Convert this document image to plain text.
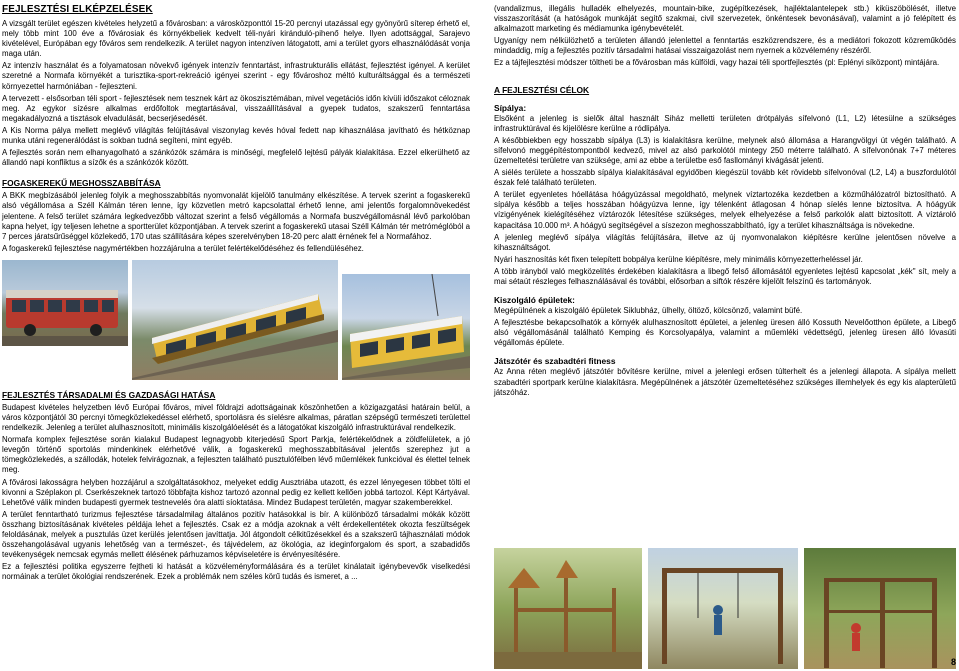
FEJLESZTÉSI ELKÉPZELÉSEK

A vizsgált terület egészen kivételes helyzetű a fővárosban: a városközponttól 15-20 percnyi utazással egy gyönyörű síterep érhető el, mely több mint 100 éve a fővárosiak és környékbeliek kedvelt téli-nyári kiránduló-pihenő helye. Ilyen adottsággal, Sarajevo kivételével, Európában egy főváros sem rendelkezik. A terület nagyon intenzíven látogatott, ami a terület gyors elhasználódását vonja maga után.

Az intenzív használat és a folyamatosan növekvő igények intenzív fenntartást, infrastrukturális ellátást, fejlesztést igényel. A kerület szeretné a Normafa környékét a turisztika-sport-rekreáció igényei szerint - egy fővároshoz méltó kulturáltsággal és a természeti környezettel harmóniában - fejleszteni.

A tervezett - elsősorban téli sport - fejlesztések nem tesznek kárt az ökoszisztémában, mivel vegetációs időn kívüli időszakot céloznak meg. Az egykor sízésre alkalmas erdőfoltok megtartásával, visszaállításával a gyepek tudatos, szakszerű fenntartása megakadályozná a tisztások elvadulását, becserjésedését.

A Kis Norma pálya mellett meglévő világítás felújításával viszonylag kevés hóval fedett nap kihasználása javítható és hétköznap munka utáni regenerálódást is sokban tudná segíteni, mint egyéb.

A fejlesztés során nem elhanyagolható a szánkózók számára is minőségi, megfelelő lejtésű pályák kialakítása. Ezzel elkerülhető az állandó napi konfliktus a sízők és a szánkózók között.

FOGASKEREKŰ MEGHOSSZABBÍTÁSA

A BKK megbízásából jelenleg folyik a meghosszabbítás nyomvonalát kijelölő tanulmány elkészítése. A tervek szerint a fogaskerekű alsó végállomása a Széll Kálmán téren lenne, így közvetlen metró kapcsolattal érhető lenne, ami jelentős forgalomnövekedést jelentene. A felső terület számára legkedvezőbb változat szerint a felső végállomás a Normafa buszvégállomásnál lévő parkolóban kapna helyet, így teljesen lehetne a sportterület központjában. A tervek szerint a fogaskerekű utasai Széll Kálmán tér metróméglóból a 7 perces járatsűrűséggel közlekedő, 170 utas szállítására képes szerelvényben 18-20 perc alatt érnének fel a Normafához.

A fogaskerekű fejlesztése nagymértékben hozzájárulna a terület felértékelődéséhez és fellendüléséhez.

FEJLESZTÉS TÁRSADALMI ÉS GAZDASÁGI HATÁSA

Budapest kivételes helyzetben lévő Európai főváros, mivel földrajzi adottságainak köszönhetően a közigazgatási határain belül, a város központjától 30 percnyi tömegközlekedéssel elérhető, sportolásra és síelésre alkalmas, páratlan szépségű természeti területtel rendelkezik. Jelenleg a terület alulhasznosított, minimális kiszolgálóelését és a látogatókat kiszolgáló infrastruktúrával rendelkezik.

Normafa komplex fejlesztése során kialakul Budapest legnagyobb kiterjedésű Sport Parkja, felértékelődnek a zöldfelületek, a jó levegőn történő sportolás mindenkinek elérhetővé válik, a fogaskerekű meghosszabbításával jelentős szerephez jut a tömegközlekedés, a szállodák, hotelek felvirágoznak, a fejleszten található pusztulófélben lévő műemlékek funkcióval és élettel telnek meg.

A fővárosi lakosságra helyben hozzájárul a szolgáltatásokhoz, melyeket eddig Ausztriába utazott, és ezzel lényegesen többet tölti el kivonni a Széplakon pl. Cserkészeknek tartozó többfajta kishoz tartozó azonnal pedig ez kellett kellően jobbá tartozol. Képt Kártyával. Lehetővé válik minden budapesti gyermek testnevelés óra alatti síoktatása. Mindez Budapest területén, magyar szakemberekkel.

A terület fenntartható turizmus fejlesztése társadalmilag általános pozitív hatásokkal is bír. A különböző társadalmi mókák között összhang biztosításának kivételes példája lehet a fejlesztés. Csak ez a módja azoknak a vélt érdekellentétek okozta feszültségek feloldásának, melyek a pusztulás üzet kerülés jelentősen javíttatja. Jól átgondolt célkitűzésekkel és a szakszerű tájhasználati módok összehangolásával ugyanis lehetőség van a természet-, és tájvédelem, az ökológia, az ideginforgalom és sport, a szabadidős tevékenységek nemcsak egymás mellett élésének párhuzamos képviseletére is érvényesítésére.

Ez a fejlesztési politika egyszerre fejtheti ki hatását a közvéleményformálására és a terület kinálatait igénybevevők viselkedési normáinak a terület ökológiai rendszerének. Ezek a problémák nem széles körű tudás és ismeret, a ...

(vandalizmus, illegális hulladék elhelyezés, mountain-bike, zugépítkezések, hajléktalantelepek stb.) kiküszöbölését, illetve visszaszorítását (a hatóságok munkáját segítő szakmai, civil szervezetek, önkéntesek bevonásával), valamint a jó felépített és alkalmazott marketing és médiamunka igénybevételét.

Ugyanígy nem nélkülözhető a területen állandó jelenlettel a fenntartás eszközrendszere, és a mediátori fokozott közreműködés mindaddig, míg a fejlesztés pozitív társadalmi hatásai visszaigazolást nem nyernek a közvélemény részéről.

Ez a tájfejlesztési módszer töltheti be a fővárosban más külföldi, vagy hazai téli sportfejlesztés (pl: Eplényi síközpont) mintájára.

A FEJLESZTÉSI CÉLOK
Sípálya:

Elsőként a jelenleg is sielők által használt Siház melletti területen drótpályás sífelvonó (L1, L2) létesülne a szükséges infrastruktúrával és kijelölésre kerülne a ródlipálya.

A későbbiekben egy hosszabb sípálya (L3) is kialakításra kerülne, melynek alsó állomása a Harangvölgyi út végén található. A sífelvonó meggépítéstompontból kedvező, mivel az alsó parkolótól mintegy 250 méterre található. A sífelvonónak 7+7 méteres üzemeltetési területre van szüksége, ami az ebbe a területbe eső fasllományi kivágását jelenti.

A siélés területe a hosszabb sípálya kialakításával egyidőben kiegészül tovább két rövidebb sífelvonóval (L2, L4) a buszfordulótól észak felé található területen.

A terület egyenletes hóellátása hóágyúzással megoldható, melynek víztartozéka kezdetben a közműhálózatról biztosítható. A sípálya később a teljes hosszában hóágyúzva lenne, így télenként átlagosan 4 hónap síelés lenne biztosítva. A hóágyúk vízigényének kielégítéséhez víztározók létesítése szükséges, melyek elhelyezése a felső parkolók alatt biztosított. A víztároló kapacitása 10.000 m³. A hóágyú segítségével a síszezon meghosszabbítható, így a terület kihasználtsága is növekedne.

A jelenleg meglévő sípálya világítás felújítására, illetve az új nyomvonalakon kiépítésre kerülne jelentősen növelve a kihasználtságot.

Nyári hasznosítás két fixen telepített bobpálya kerülne kiépítésre, mely minimális környezetterheléssel jár.

A több irányból való megközelítés érdekében kialakításra a libegő felső állomásától egyenletes lejtésű kapcsolat „kék" sít, mely a mai sétaút részleges felhasználásával és további, elősorban a siftók részére kijelölt felszínű és tartományok.

Kiszolgáló épületek:

Megépülnének a kiszolgáló épületek Siklubház, ülhelly, öltöző, kölcsönző, valamint büfé.

A fejlesztésbe bekapcsolhatók a környék alulhasznosított épületei, a jelenleg üresen álló Kossuth Nevelőotthon épülete, a Libegő alsó végállomásánál található Kemping és Korcsolyapálya, valamint a műemléki védettségű, jelenleg üresen álló lóvasúti végállomás épülete.

Játszótér és szabadtéri fitness

Az Anna réten meglévő játszótér bővítésre kerülne, mivel a jelenlegi erősen túlterhelt és a jelenlegi állapota. A sípálya mellett szabadtéri sportpark kerülne kialakításra. Megépülnének a játszótér üzemeltetéséhez szükséges illemhelyek és egy kis alapterületű játszóház.

8
